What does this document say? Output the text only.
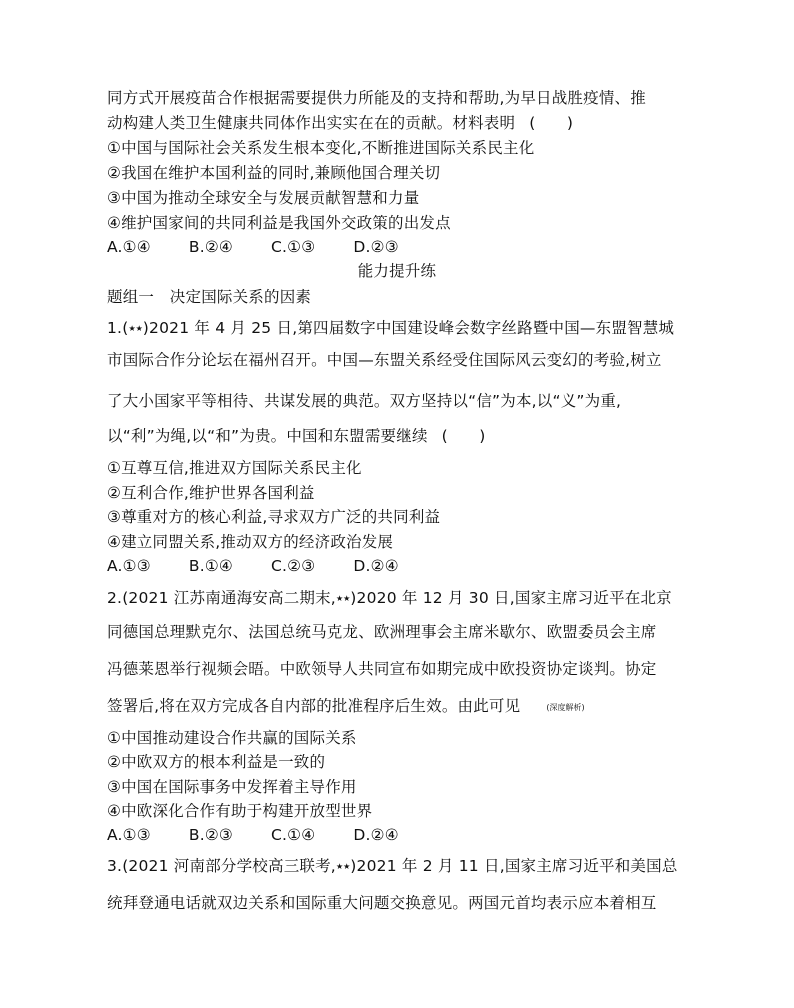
同方式开展疫苗合作根据需要提供力所能及的支持和帮助,为早日战胜疫情、推
动构建人类卫生健康共同体作出实实在在的贡献。材料表明 (　　)
①中国与国际社会关系发生根本变化,不断推进国际关系民主化
②我国在维护本国利益的同时,兼顾他国合理关切
③中国为推动全球安全与发展贡献智慧和力量
④维护国家间的共同利益是我国外交政策的出发点
A.①④ B.②④ C.①③ D.②③
能力提升练
题组一　决定国际关系的因素
1.(★★)2021 年 4 月 25 日,第四届数字中国建设峰会数字丝路暨中国—东盟智慧城
市国际合作分论坛在福州召开。中国—东盟关系经受住国际风云变幻的考验,树立
了大小国家平等相待、共谋发展的典范。双方坚持以“信”为本,以“义”为重,
以“利”为绳,以“和”为贵。中国和东盟需要继续 (　　)
①互尊互信,推进双方国际关系民主化
②互利合作,维护世界各国利益
③尊重对方的核心利益,寻求双方广泛的共同利益
④建立同盟关系,推动双方的经济政治发展
A.①③ B.①④ C.②③ D.②④
2.(2021 江苏南通海安高二期末,★★)2020 年 12 月 30 日,国家主席习近平在北京
同德国总理默克尔、法国总统马克龙、欧洲理事会主席米歇尔、欧盟委员会主席
冯德莱恩举行视频会晤。中欧领导人共同宣布如期完成中欧投资协定谈判。协定
签署后,将在双方完成各自内部的批准程序后生效。由此可见	(深度解析)
①中国推动建设合作共赢的国际关系
②中欧双方的根本利益是一致的
③中国在国际事务中发挥着主导作用
④中欧深化合作有助于构建开放型世界
A.①③ B.②③ C.①④ D.②④
3.(2021 河南部分学校高三联考,★★)2021 年 2 月 11 日,国家主席习近平和美国总
统拜登通电话就双边关系和国际重大问题交换意见。两国元首均表示应本着相互
